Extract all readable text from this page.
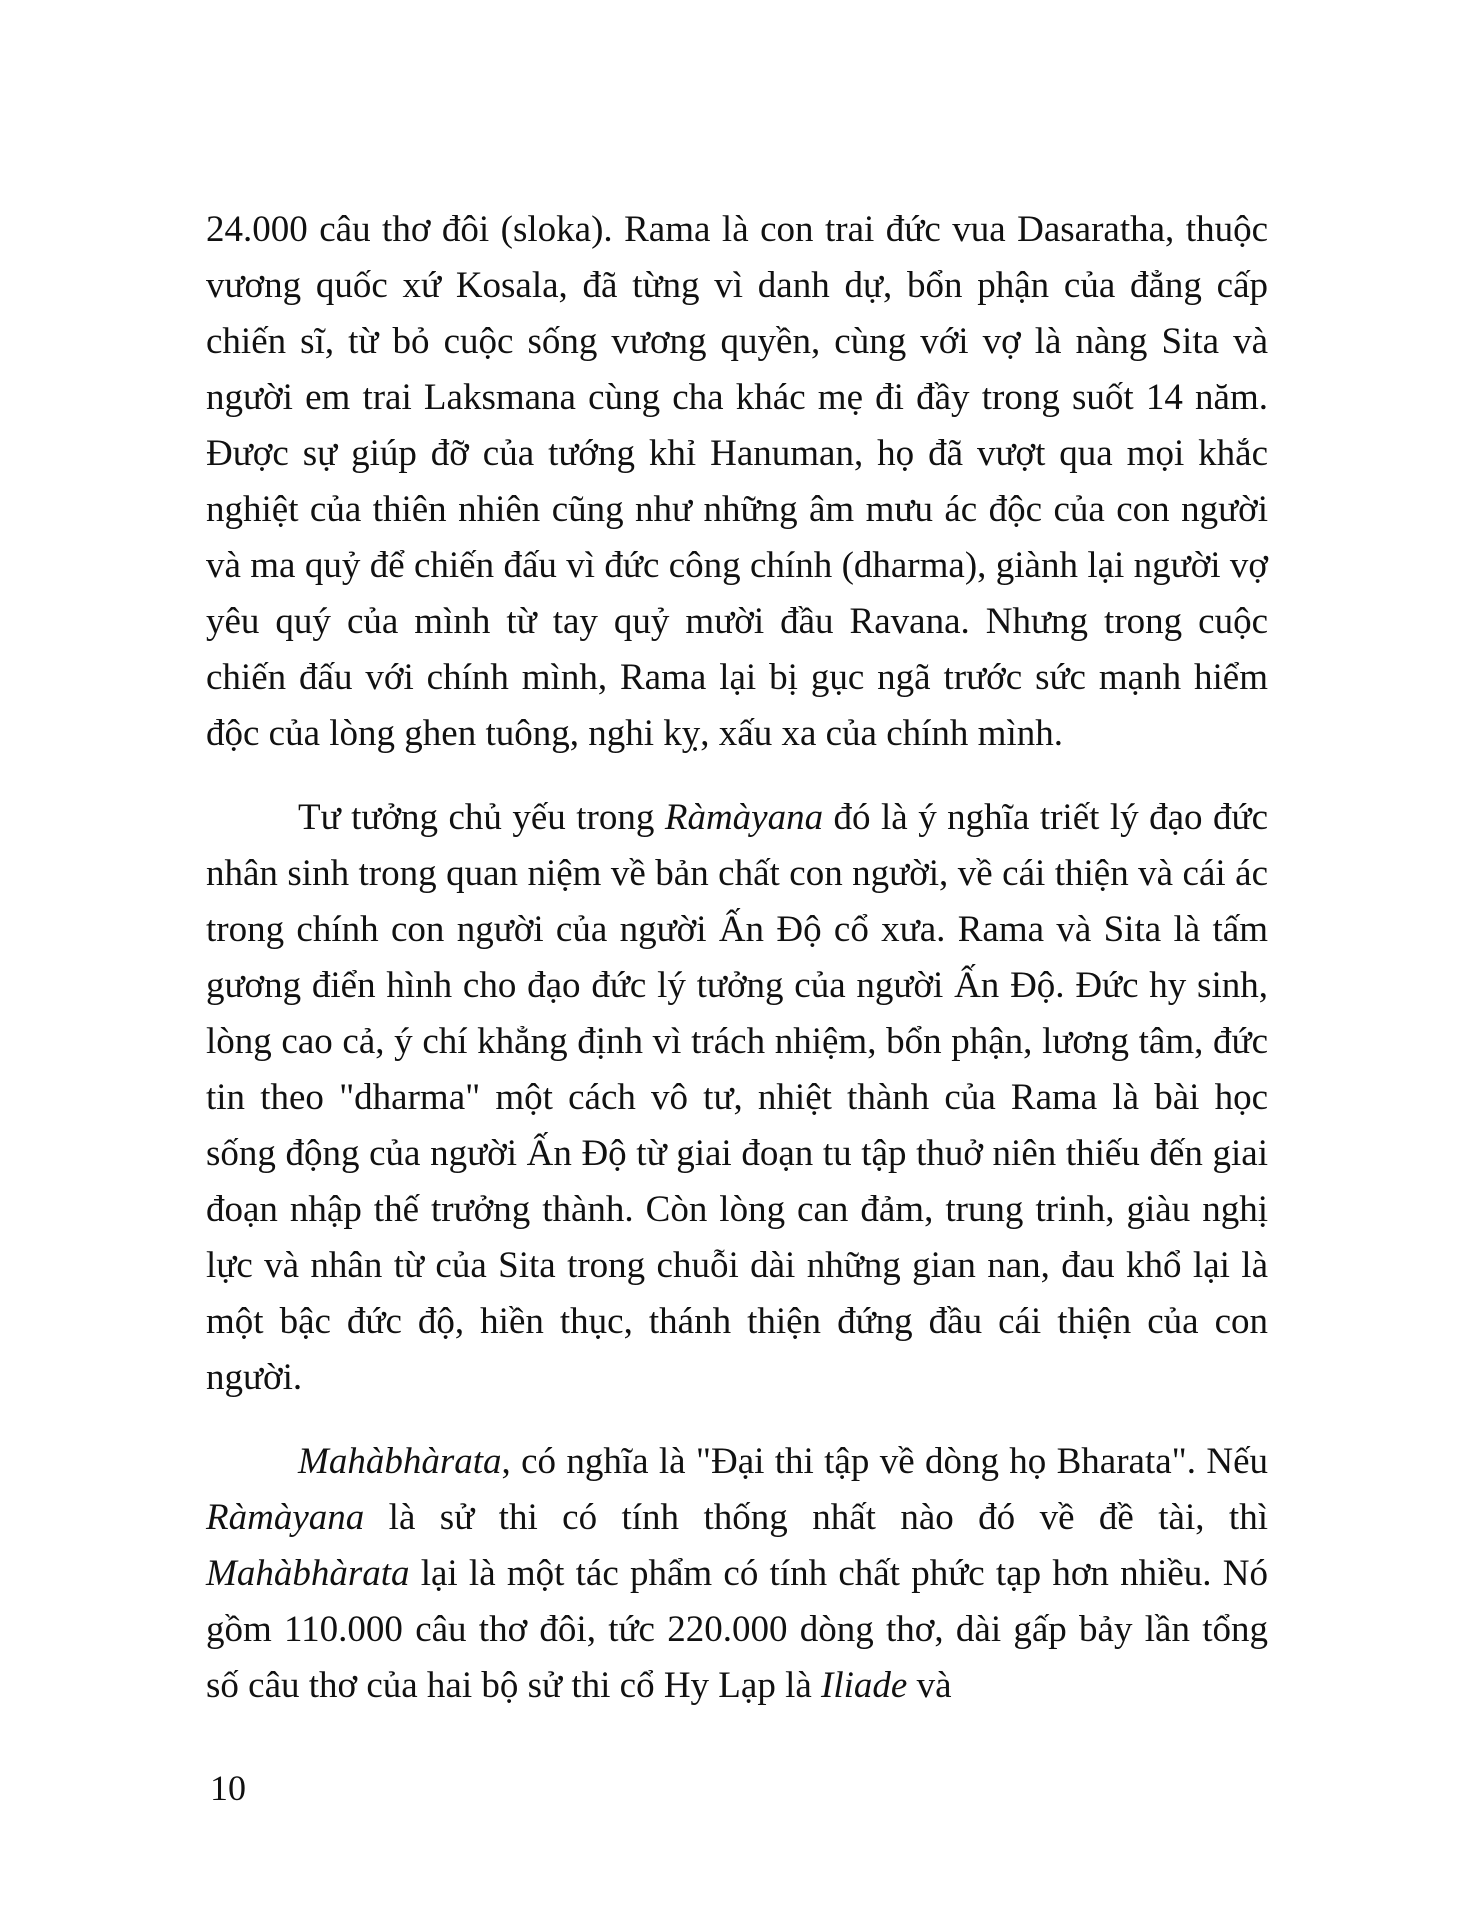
24.000 câu thơ đôi (sloka). Rama là con trai đức vua Dasaratha, thuộc vương quốc xứ Kosala, đã từng vì danh dự, bổn phận của đẳng cấp chiến sĩ, từ bỏ cuộc sống vương quyền, cùng với vợ là nàng Sita và người em trai Laksmana cùng cha khác mẹ đi đầy trong suốt 14 năm. Được sự giúp đỡ của tướng khỉ Hanuman, họ đã vượt qua mọi khắc nghiệt của thiên nhiên cũng như những âm mưu ác độc của con người và ma quỷ để chiến đấu vì đức công chính (dharma), giành lại người vợ yêu quý của mình từ tay quỷ mười đầu Ravana. Nhưng trong cuộc chiến đấu với chính mình, Rama lại bị gục ngã trước sức mạnh hiểm độc của lòng ghen tuông, nghi kỵ, xấu xa của chính mình.

Tư tưởng chủ yếu trong Ràmàyana đó là ý nghĩa triết lý đạo đức nhân sinh trong quan niệm về bản chất con người, về cái thiện và cái ác trong chính con người của người Ấn Độ cổ xưa. Rama và Sita là tấm gương điển hình cho đạo đức lý tưởng của người Ấn Độ. Đức hy sinh, lòng cao cả, ý chí khẳng định vì trách nhiệm, bổn phận, lương tâm, đức tin theo "dharma" một cách vô tư, nhiệt thành của Rama là bài học sống động của người Ấn Độ từ giai đoạn tu tập thuở niên thiếu đến giai đoạn nhập thế trưởng thành. Còn lòng can đảm, trung trinh, giàu nghị lực và nhân từ của Sita trong chuỗi dài những gian nan, đau khổ lại là một bậc đức độ, hiền thục, thánh thiện đứng đầu cái thiện của con người.

Mahàbhàrata, có nghĩa là "Đại thi tập về dòng họ Bharata". Nếu Ràmàyana là sử thi có tính thống nhất nào đó về đề tài, thì Mahàbhàrata lại là một tác phẩm có tính chất phức tạp hơn nhiều. Nó gồm 110.000 câu thơ đôi, tức 220.000 dòng thơ, dài gấp bảy lần tổng số câu thơ của hai bộ sử thi cổ Hy Lạp là Iliade và

10
